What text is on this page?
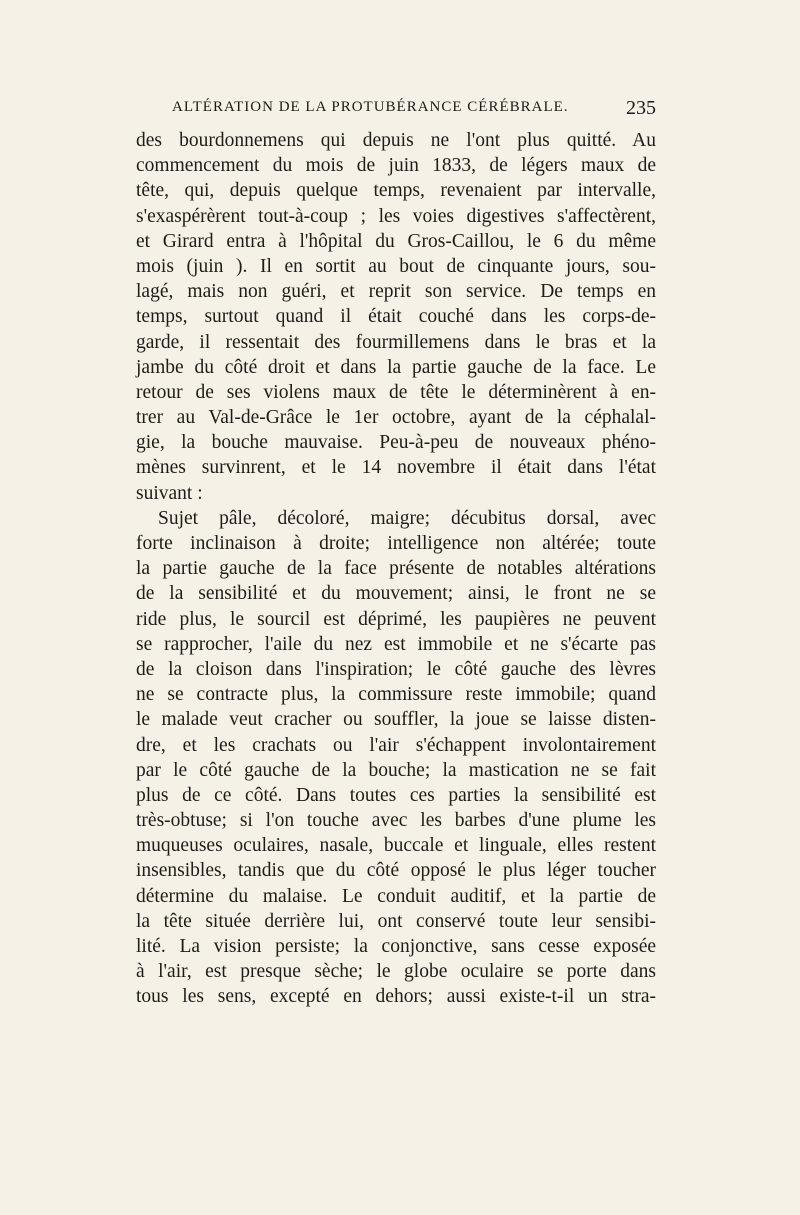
ALTÉRATION DE LA PROTUBÉRANCE CÉRÉBRALE.	235
des bourdonnemens qui depuis ne l'ont plus quitté. Au
commencement du mois de juin 1833, de légers maux de
tête, qui, depuis quelque temps, revenaient par intervalle,
s'exaspérèrent tout-à-coup ; les voies digestives s'affectèrent,
et Girard entra à l'hôpital du Gros-Caillou, le 6 du même
mois (juin ). Il en sortit au bout de cinquante jours, sou-
lagé, mais non guéri, et reprit son service. De temps en
temps, surtout quand il était couché dans les corps-de-
garde, il ressentait des fourmillemens dans le bras et la
jambe du côté droit et dans la partie gauche de la face. Le
retour de ses violens maux de tête le déterminèrent à en-
trer au Val-de-Grâce le 1er octobre, ayant de la céphalal-
gie, la bouche mauvaise. Peu-à-peu de nouveaux phéno-
mènes survinrent, et le 14 novembre il était dans l'état
suivant :
Sujet pâle, décoloré, maigre; décubitus dorsal, avec
forte inclinaison à droite; intelligence non altérée; toute
la partie gauche de la face présente de notables altérations
de la sensibilité et du mouvement; ainsi, le front ne se
ride plus, le sourcil est déprimé, les paupières ne peuvent
se rapprocher, l'aile du nez est immobile et ne s'écarte pas
de la cloison dans l'inspiration; le côté gauche des lèvres
ne se contracte plus, la commissure reste immobile; quand
le malade veut cracher ou souffler, la joue se laisse disten-
dre, et les crachats ou l'air s'échappent involontairement
par le côté gauche de la bouche; la mastication ne se fait
plus de ce côté. Dans toutes ces parties la sensibilité est
très-obtuse; si l'on touche avec les barbes d'une plume les
muqueuses oculaires, nasale, buccale et linguale, elles restent
insensibles, tandis que du côté opposé le plus léger toucher
détermine du malaise. Le conduit auditif, et la partie de
la tête située derrière lui, ont conservé toute leur sensibi-
lité. La vision persiste; la conjonctive, sans cesse exposée
à l'air, est presque sèche; le globe oculaire se porte dans
tous les sens, excepté en dehors; aussi existe-t-il un stra-
